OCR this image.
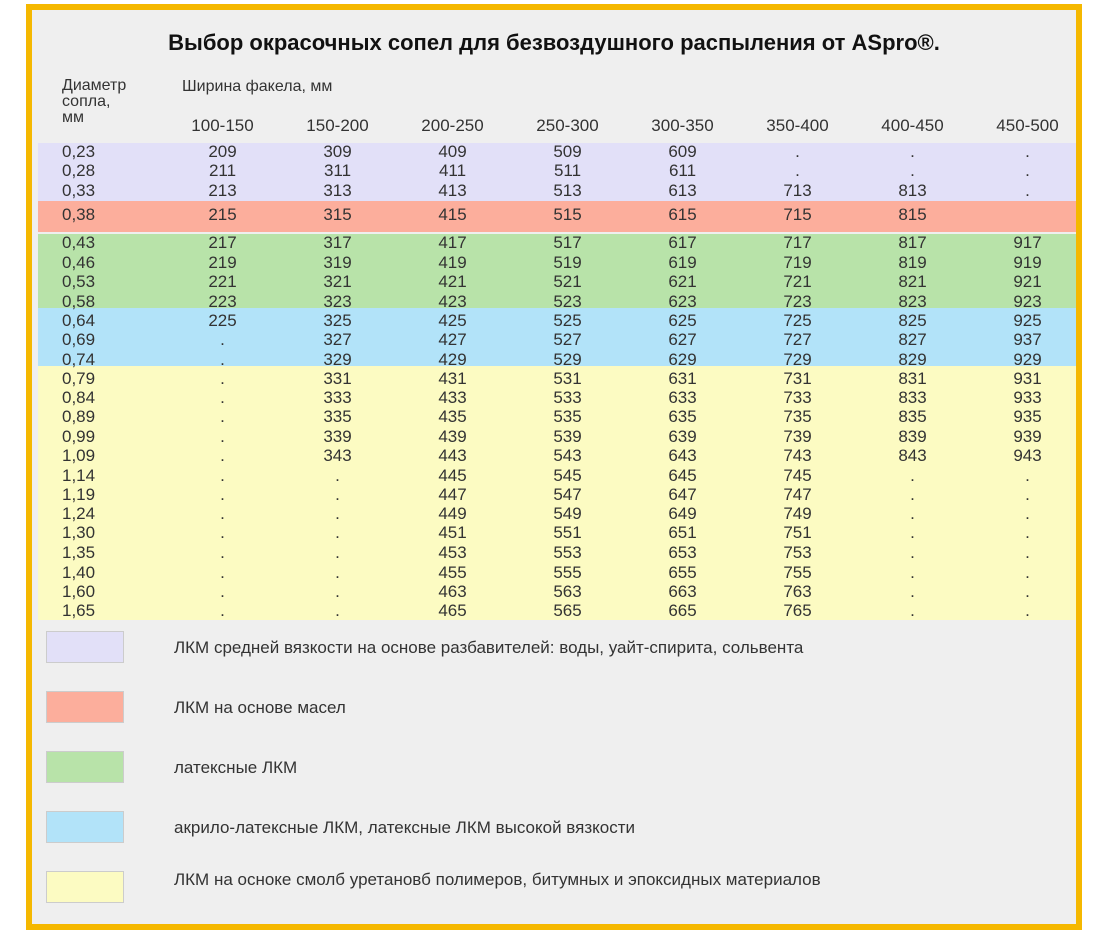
Выбор окрасочных сопел для безвоздушного распыления от ASpro®.
Диаметр
сопла,
мм
Ширина факела, мм
100-150	150-200	200-250	250-300	300-350	350-400	400-450	450-500
0,23	209	309	409	509	609	.	.	.
0,28	211	311	411	511	611	.	.	.
0,33	213	313	413	513	613	713	813	.
0,38	215	315	415	515	615	715	815
0,43	217	317	417	517	617	717	817	917
0,46	219	319	419	519	619	719	819	919
0,53	221	321	421	521	621	721	821	921
0,58	223	323	423	523	623	723	823	923
0,64	225	325	425	525	625	725	825	925
0,69	.	327	427	527	627	727	827	937
0,74	.	329	429	529	629	729	829	929
0,79	.	331	431	531	631	731	831	931
0,84	.	333	433	533	633	733	833	933
0,89	.	335	435	535	635	735	835	935
0,99	.	339	439	539	639	739	839	939
1,09	.	343	443	543	643	743	843	943
1,14	.	.	445	545	645	745	.	.
1,19	.	.	447	547	647	747	.	.
1,24	.	.	449	549	649	749	.	.
1,30	.	.	451	551	651	751	.	.
1,35	.	.	453	553	653	753	.	.
1,40	.	.	455	555	655	755	.	.
1,60	.	.	463	563	663	763	.	.
1,65	.	.	465	565	665	765	.	.
ЛКМ средней вязкости на основе разбавителей: воды, уайт-спирита, сольвента
ЛКМ на основе масел
латексные ЛКМ
акрило-латексные ЛКМ, латексные ЛКМ высокой вязкости
ЛКМ на осноке смолб уретановб полимеров, битумных и эпоксидных материалов
